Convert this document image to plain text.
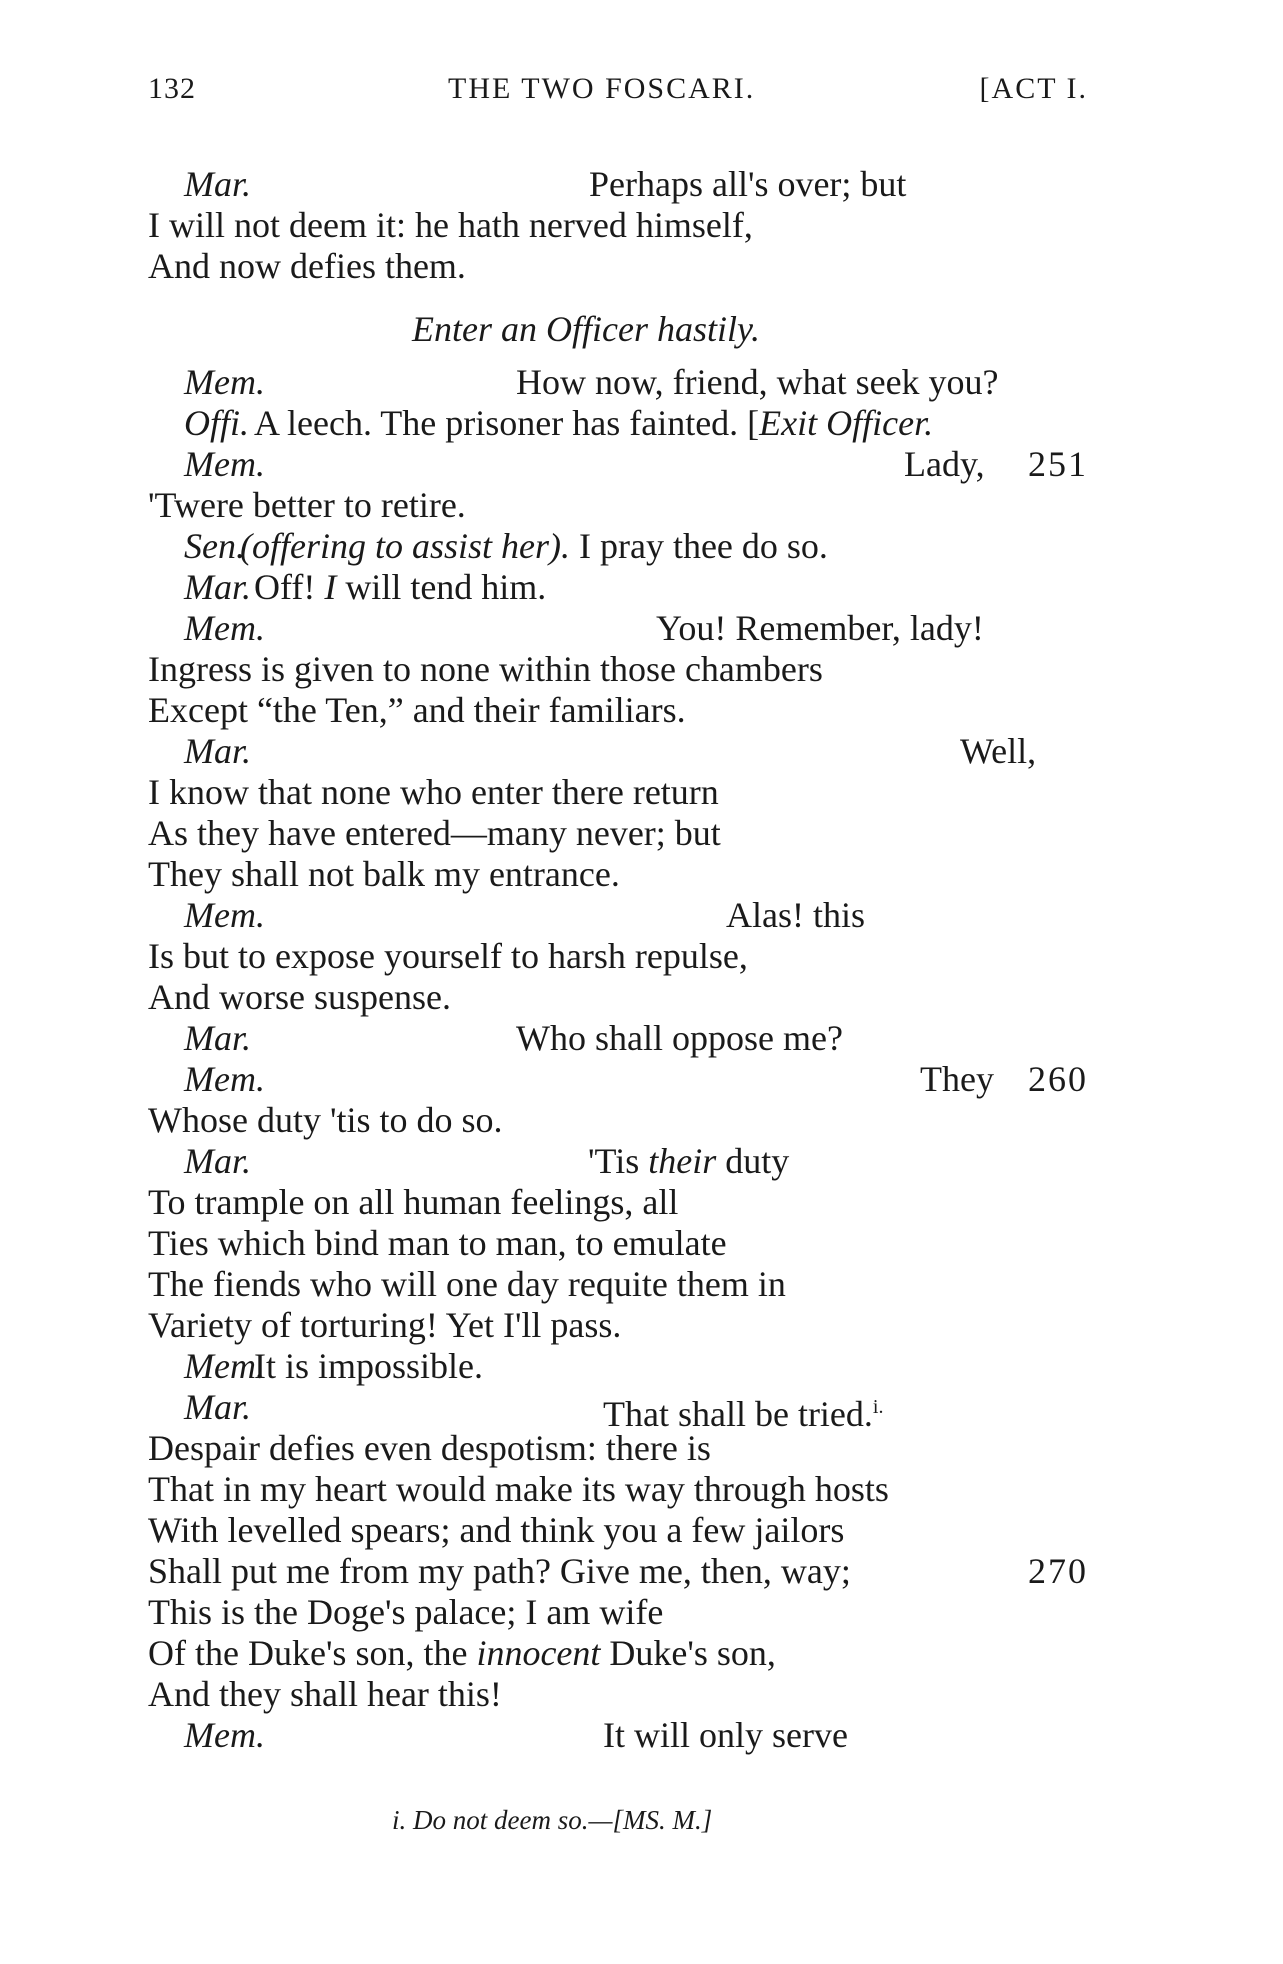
132	THE TWO FOSCARI.	[ACT I.
Mar.	Perhaps all's over; but
I will not deem it: he hath nerved himself,
And now defies them.
Enter an Officer hastily.
Mem.	How now, friend, what seek you?
Offi. A leech. The prisoner has fainted. [Exit Officer.
Mem.	Lady, 251
'Twere better to retire.
Sen.
(offering to assist her). I pray thee do so.
Mar. Off! I will tend him.
Mem.	You! Remember, lady!
Ingress is given to none within those chambers
Except “the Ten,” and their familiars.
Mar.	Well,
I know that none who enter there return
As they have entered—many never; but
They shall not balk my entrance.
Mem.	Alas! this
Is but to expose yourself to harsh repulse,
And worse suspense.
Mar.	Who shall oppose me?
Mem.	They 260
Whose duty 'tis to do so.
Mar.	'Tis their duty
To trample on all human feelings, all
Ties which bind man to man, to emulate
The fiends who will one day requite them in
Variety of torturing! Yet I'll pass.
Mem.
It is impossible.
Mar.	That shall be tried.$^{i.}$
Despair defies even despotism: there is
That in my heart would make its way through hosts
With levelled spears; and think you a few jailors
Shall put me from my path? Give me, then, way;	270
This is the Doge's palace; I am wife
Of the Duke's son, the innocent Duke's son,
And they shall hear this!
Mem.	It will only serve
i. Do not deem so.—[MS. M.]
